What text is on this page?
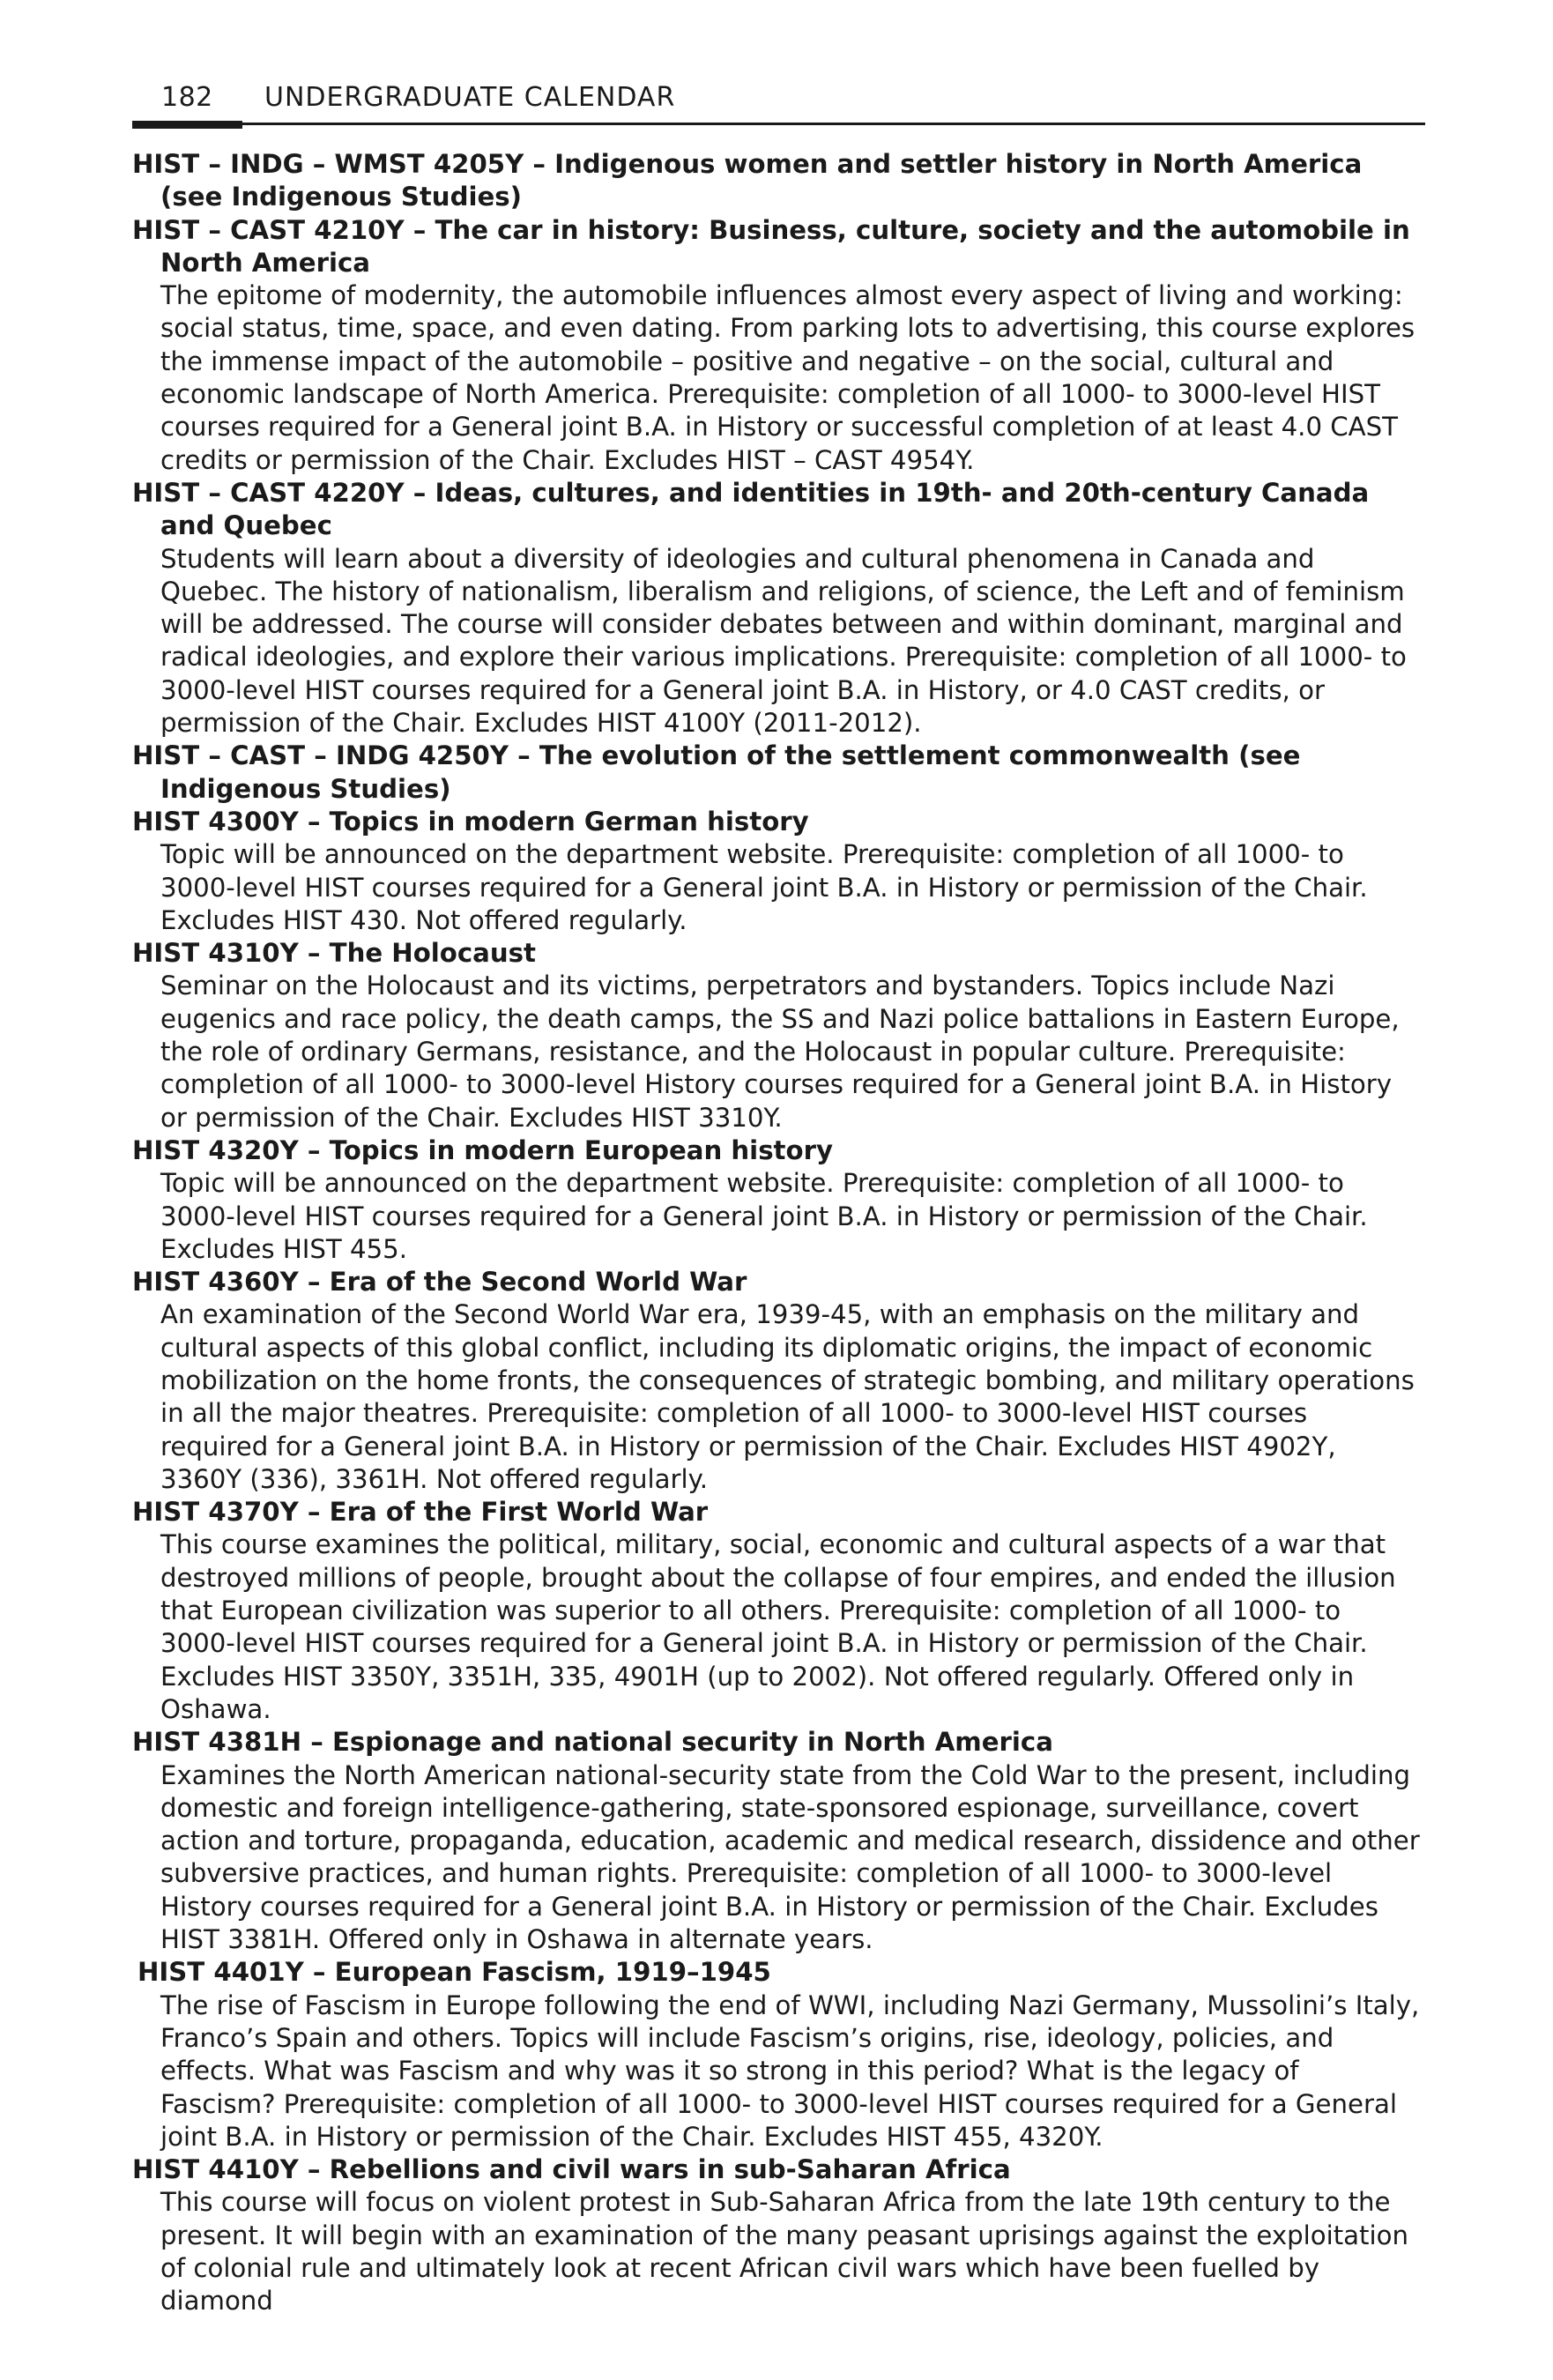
182 UNDERGRADUATE CALENDAR

HIST – INDG – WMST 4205Y – Indigenous women and settler history in North America (see Indigenous Studies)

HIST – CAST 4210Y – The car in history: Business, culture, society and the automobile in North America

The epitome of modernity, the automobile influences almost every aspect of living and working: social status, time, space, and even dating. From parking lots to advertising, this course explores the immense impact of the automobile – positive and negative – on the social, cultural and economic landscape of North America. Prerequisite: completion of all 1000- to 3000-level HIST courses required for a General joint B.A. in History or successful completion of at least 4.0 CAST credits or permission of the Chair. Excludes HIST – CAST 4954Y.

HIST – CAST 4220Y – Ideas, cultures, and identities in 19th- and 20th-century Canada and Quebec

Students will learn about a diversity of ideologies and cultural phenomena in Canada and Quebec. The history of nationalism, liberalism and religions, of science, the Left and of feminism will be addressed. The course will consider debates between and within dominant, marginal and radical ideologies, and explore their various implications. Prerequisite: completion of all 1000- to 3000-level HIST courses required for a General joint B.A. in History, or 4.0 CAST credits, or permission of the Chair. Excludes HIST 4100Y (2011-2012).

HIST – CAST – INDG 4250Y – The evolution of the settlement commonwealth (see Indigenous Studies)

HIST 4300Y – Topics in modern German history

Topic will be announced on the department website. Prerequisite: completion of all 1000- to 3000-level HIST courses required for a General joint B.A. in History or permission of the Chair. Excludes HIST 430. Not offered regularly.

HIST 4310Y – The Holocaust

Seminar on the Holocaust and its victims, perpetrators and bystanders. Topics include Nazi eugenics and race policy, the death camps, the SS and Nazi police battalions in Eastern Europe, the role of ordinary Germans, resistance, and the Holocaust in popular culture. Prerequisite: completion of all 1000- to 3000-level History courses required for a General joint B.A. in History or permission of the Chair. Excludes HIST 3310Y.

HIST 4320Y – Topics in modern European history

Topic will be announced on the department website. Prerequisite: completion of all 1000- to 3000-level HIST courses required for a General joint B.A. in History or permission of the Chair. Excludes HIST 455.

HIST 4360Y – Era of the Second World War

An examination of the Second World War era, 1939-45, with an emphasis on the military and cultural aspects of this global conflict, including its diplomatic origins, the impact of economic mobilization on the home fronts, the consequences of strategic bombing, and military operations in all the major theatres. Prerequisite: completion of all 1000- to 3000-level HIST courses required for a General joint B.A. in History or permission of the Chair. Excludes HIST 4902Y, 3360Y (336), 3361H. Not offered regularly.

HIST 4370Y – Era of the First World War

This course examines the political, military, social, economic and cultural aspects of a war that destroyed millions of people, brought about the collapse of four empires, and ended the illusion that European civilization was superior to all others. Prerequisite: completion of all 1000- to 3000-level HIST courses required for a General joint B.A. in History or permission of the Chair. Excludes HIST 3350Y, 3351H, 335, 4901H (up to 2002). Not offered regularly. Offered only in Oshawa.

HIST 4381H – Espionage and national security in North America

Examines the North American national-security state from the Cold War to the present, including domestic and foreign intelligence-gathering, state-sponsored espionage, surveillance, covert action and torture, propaganda, education, academic and medical research, dissidence and other subversive practices, and human rights. Prerequisite: completion of all 1000- to 3000-level History courses required for a General joint B.A. in History or permission of the Chair. Excludes HIST 3381H. Offered only in Oshawa in alternate years.

HIST 4401Y – European Fascism, 1919–1945

The rise of Fascism in Europe following the end of WWI, including Nazi Germany, Mussolini’s Italy, Franco’s Spain and others. Topics will include Fascism’s origins, rise, ideology, policies, and effects. What was Fascism and why was it so strong in this period? What is the legacy of Fascism? Prerequisite: completion of all 1000- to 3000-level HIST courses required for a General joint B.A. in History or permission of the Chair. Excludes HIST 455, 4320Y.

HIST 4410Y – Rebellions and civil wars in sub-Saharan Africa

This course will focus on violent protest in Sub-Saharan Africa from the late 19th century to the present. It will begin with an examination of the many peasant uprisings against the exploitation of colonial rule and ultimately look at recent African civil wars which have been fuelled by diamond
